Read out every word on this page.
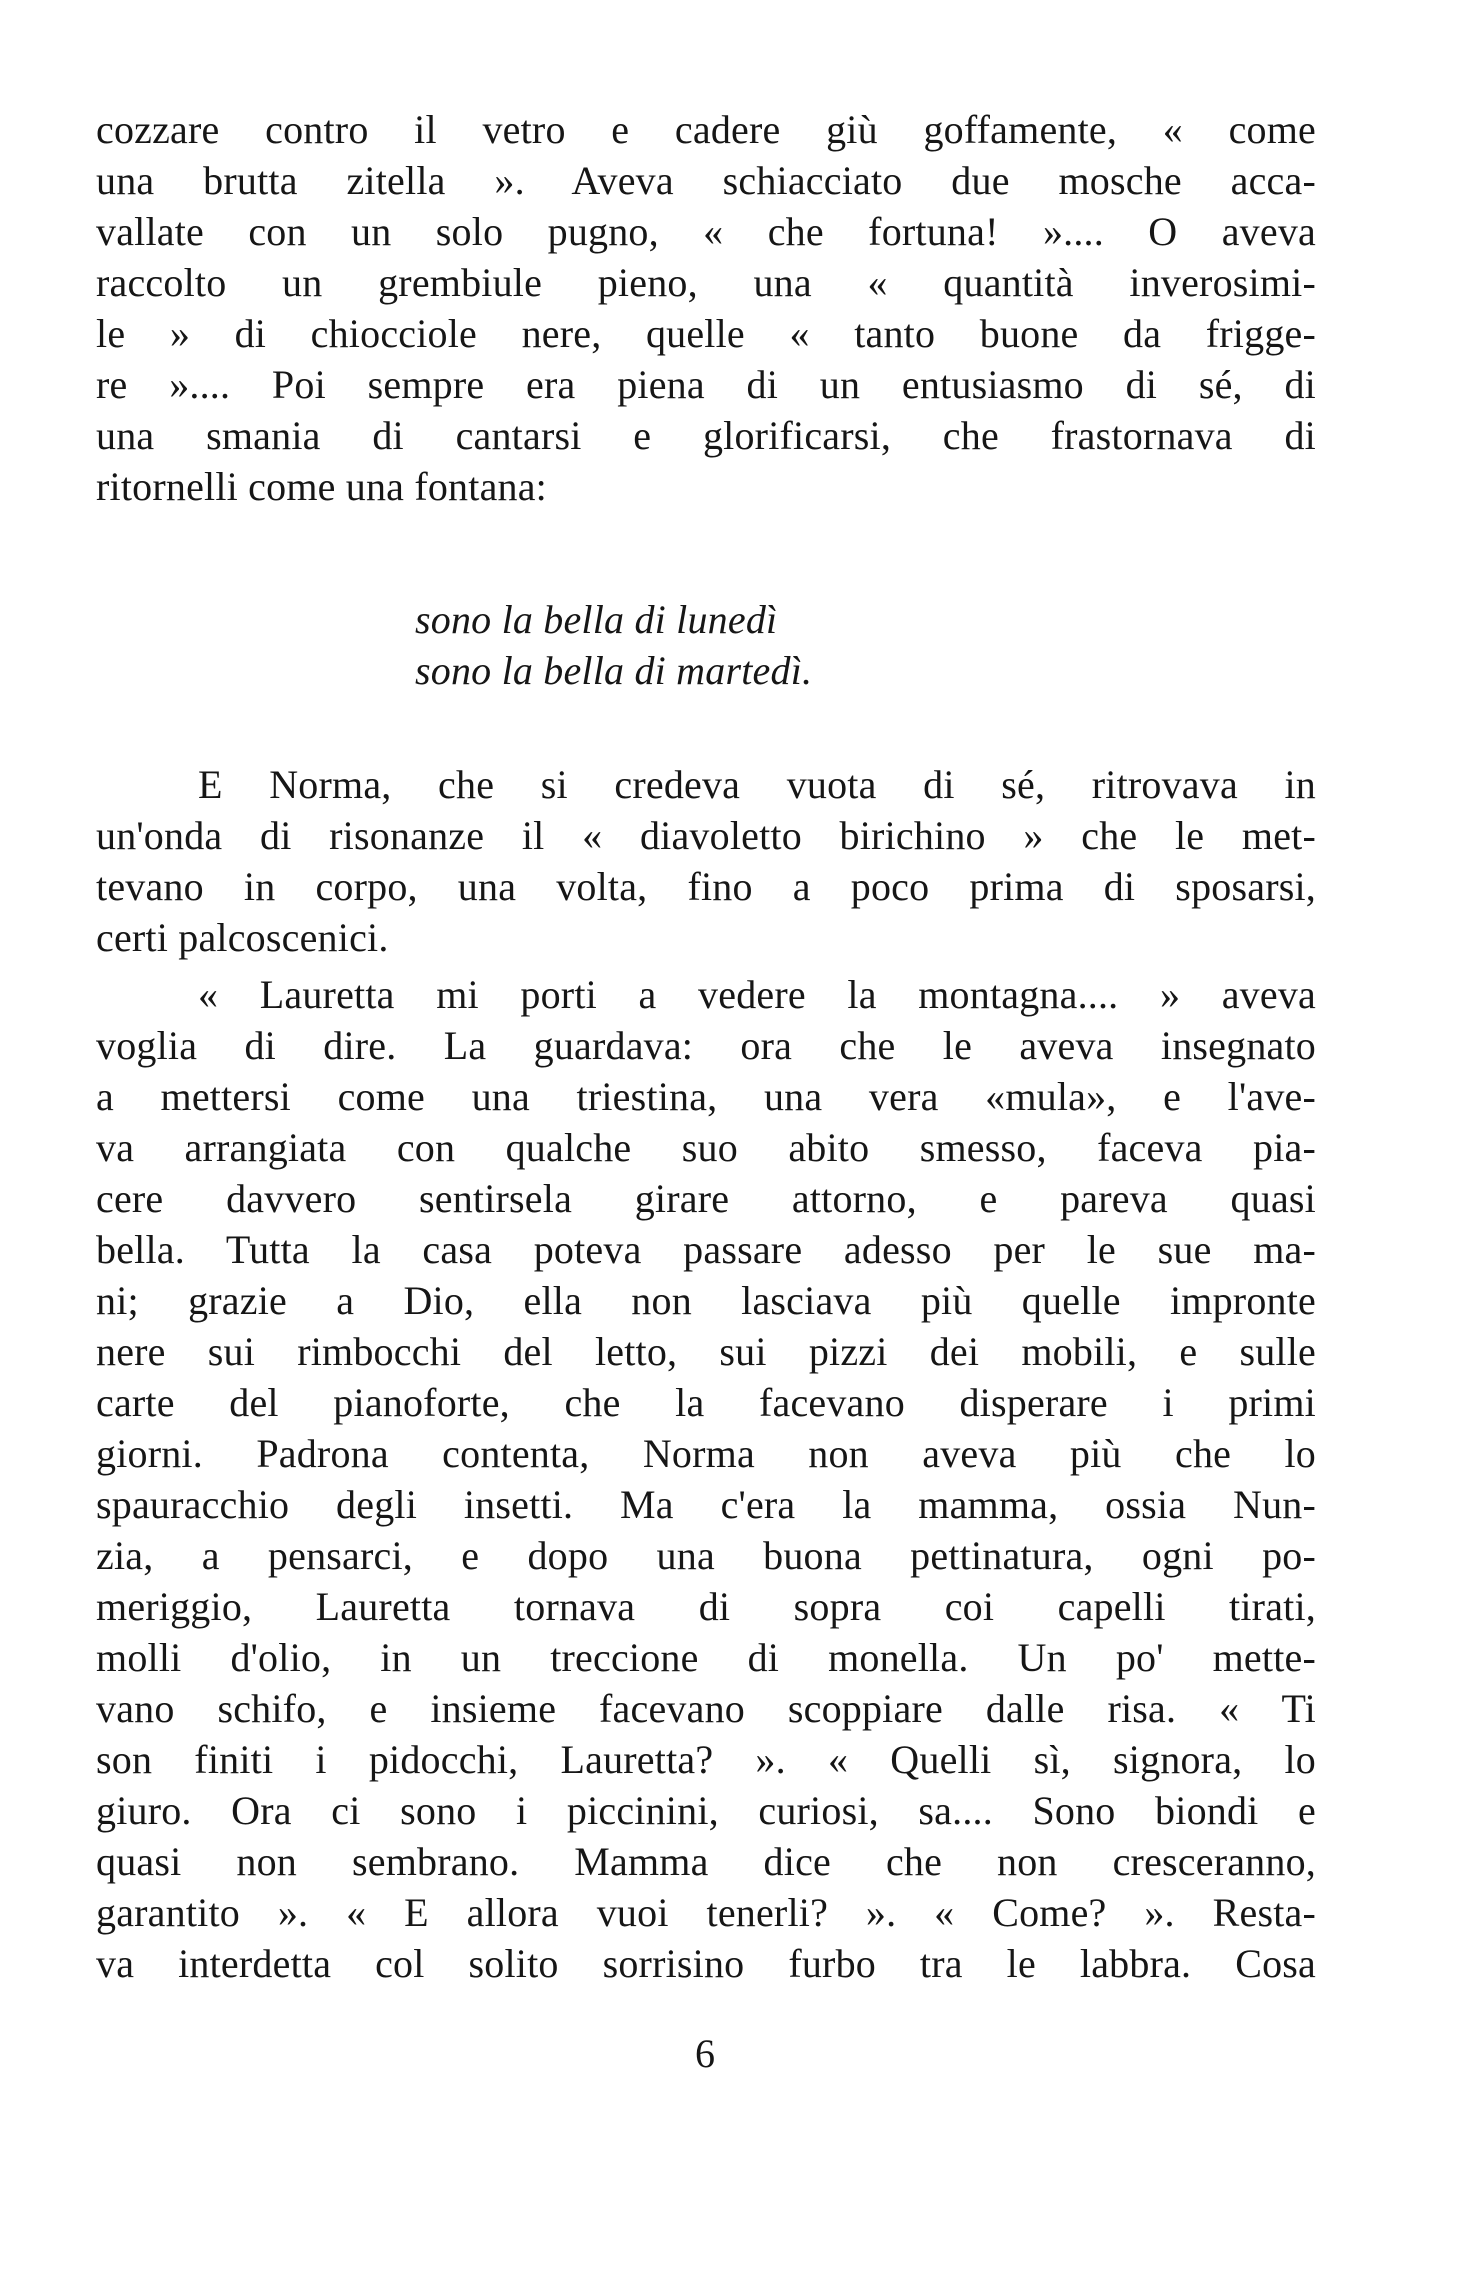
cozzare contro il vetro e cadere giù goffamente, « come
una brutta zitella ». Aveva schiacciato due mosche acca-
vallate con un solo pugno, « che fortuna! ».... O aveva
raccolto un grembiule pieno, una « quantità inverosimi-
le » di chiocciole nere, quelle « tanto buone da frigge-
re ».... Poi sempre era piena di un entusiasmo di sé, di
una smania di cantarsi e glorificarsi, che frastornava di
ritornelli come una fontana:
sono la bella di lunedì
sono la bella di martedì.
E Norma, che si credeva vuota di sé, ritrovava in
un'onda di risonanze il « diavoletto birichino » che le met-
tevano in corpo, una volta, fino a poco prima di sposarsi,
certi palcoscenici.
« Lauretta mi porti a vedere la montagna.... » aveva
voglia di dire. La guardava: ora che le aveva insegnato
a mettersi come una triestina, una vera «mula», e l'ave-
va arrangiata con qualche suo abito smesso, faceva pia-
cere davvero sentirsela girare attorno, e pareva quasi
bella. Tutta la casa poteva passare adesso per le sue ma-
ni; grazie a Dio, ella non lasciava più quelle impronte
nere sui rimbocchi del letto, sui pizzi dei mobili, e sulle
carte del pianoforte, che la facevano disperare i primi
giorni. Padrona contenta, Norma non aveva più che lo
spauracchio degli insetti. Ma c'era la mamma, ossia Nun-
zia, a pensarci, e dopo una buona pettinatura, ogni po-
meriggio, Lauretta tornava di sopra coi capelli tirati,
molli d'olio, in un treccione di monella. Un po' mette-
vano schifo, e insieme facevano scoppiare dalle risa. « Ti
son finiti i pidocchi, Lauretta? ». « Quelli sì, signora, lo
giuro. Ora ci sono i piccinini, curiosi, sa.... Sono biondi e
quasi non sembrano. Mamma dice che non cresceranno,
garantito ». « E allora vuoi tenerli? ». « Come? ». Resta-
va interdetta col solito sorrisino furbo tra le labbra. Cosa
6
